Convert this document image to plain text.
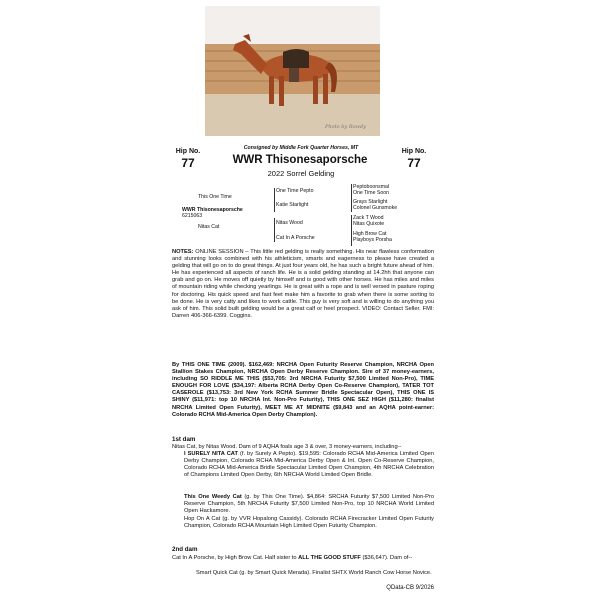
Photo by Rowdy
Hip No.
77
Consigned by Middle Fork Quarter Horses, MT
WWR Thisonesaporsche
2022 Sorrel Gelding
Hip No.
77
This One Time
WWR Thisonesaporsche
6215063
Nitas Cat
One Time Pepto
Katie Starlight
Nitas Wood
Cat In A Porsche
Peptoboonsmal
One Time Soon
Grays Starlight
Colonel Gunsmoke
Zack T Wood
Nitas Quixote
High Brow Cat
Playboys Porsha
NOTES: ONLINE SESSION – This little red gelding is really something. His near flawless conformation and stunning looks combined with his athleticism, smarts and eagerness to please have created a gelding that will go on to do great things. At just four years old, he has such a bright future ahead of him. He has experienced all aspects of ranch life. He is a solid gelding standing at 14.2hh that anyone can grab and go on. He moves off quietly by himself and is good with other horses. He has miles and miles of mountain riding while checking yearlings. He is great with a rope and is well versed in pasture roping for doctoring. His quick speed and fast feet make him a favorite to grab when there is some sorting to be done. He is very catty and likes to work cattle. This guy is very soft and is willing to do anything you ask of him. This solid built gelding would be a great calf or heel prospect. VIDEO: Contact Seller. FMI: Darren 406-366-6399. Coggins.
By THIS ONE TIME (2009). $162,469: NRCHA Open Futurity Reserve Champion, NRCHA Open Stallion Stakes Champion, NRCHA Open Derby Reserve Champion. Sire of 37 money-earners, including SO RIDDLE ME THIS ($53,705: 3rd NRCHA Futurity $7,500 Limited Non-Pro), TIME ENOUGH FOR LOVE ($34,197: Alberta RCHA Derby Open Co-Reserve Champion), TATER TOT CASEROLE ($13,753: 3rd New York RCHA Summer Bridle Spectacular Open), THIS ONE IS SHINY ($11,971: top 10 NRCHA Int. Non-Pro Futurity), THIS ONE SEZ HIGH ($11,280: finalist NRCHA Limited Open Futurity), MEET ME AT MIDNITE ($9,843 and an AQHA point-earner: Colorado RCHA Mid-America Open Derby Champion).
1st dam
Nitas Cat, by Nitas Wood. Dam of 9 AQHA foals age 3 & over, 3 money-earners, including--
I SURELY NITA CAT (f. by Surely A Pepto). $19,595: Colorado RCHA Mid-America Limited Open Derby Champion, Colorado RCHA Mid-America Derby Open & Int. Open Co-Reserve Champion, Colorado RCHA Mid-America Bridle Spectacular Limited Open Champion, 4th NRCHA Celebration of Champions Limited Open Derby, 6th NRCHA World Limited Open Bridle.
This One Weedy Cat (g. by This One Time). $4,864: SRCHA Futurity $7,500 Limited Non-Pro Reserve Champion, 5th NRCHA Futurity $7,500 Limited Non-Pro, top 10 NRCHA World Limited Open Hackamore.
Hop On A Cat (g. by VVR Hopalong Cassidy). Colorado RCHA Firecracker Limited Open Futurity Champion, Colorado RCHA Mountain High Limited Open Futurity Champion.
2nd dam
Cat In A Porsche, by High Brow Cat. Half sister to ALL THE GOOD STUFF ($36,647). Dam of--
Smart Quick Cat (g. by Smart Quick Merada). Finalist SHTX World Ranch Cow Horse Novice.
QData-CB 9/2026
